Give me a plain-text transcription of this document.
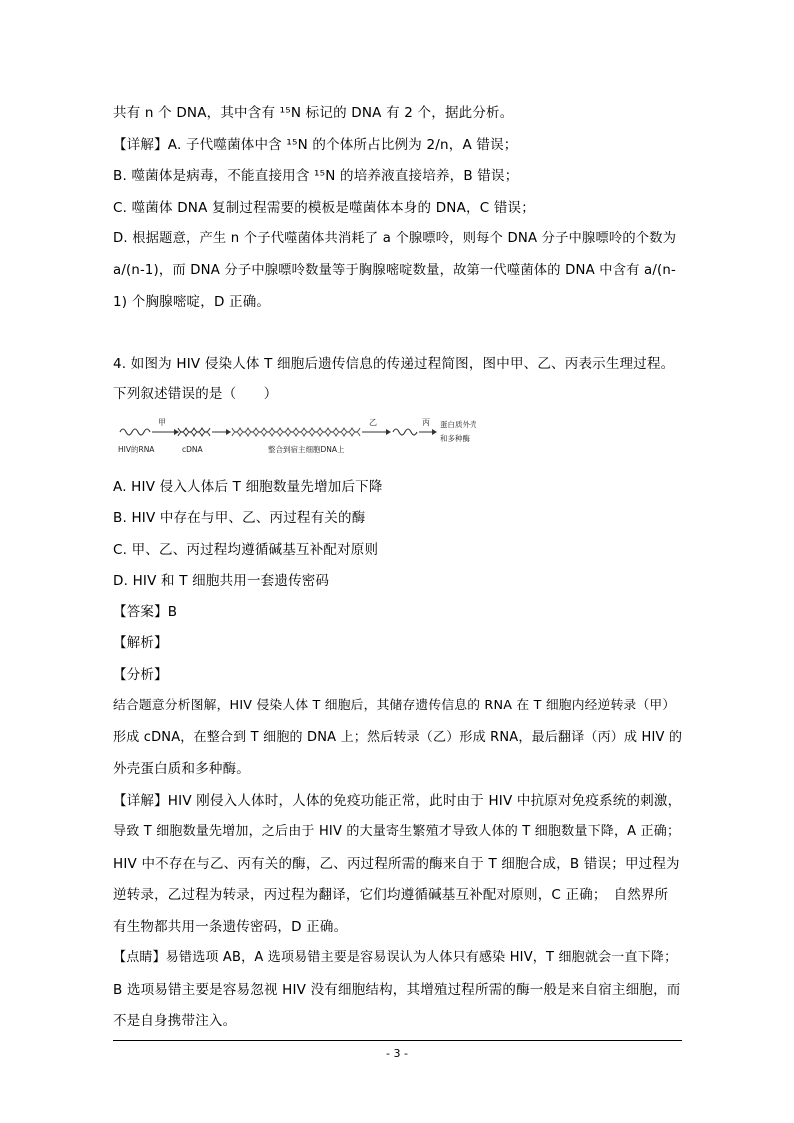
共有 n 个 DNA，其中含有 ¹⁵N 标记的 DNA 有 2 个，据此分析。
【详解】A. 子代噬菌体中含 ¹⁵N 的个体所占比例为 2/n，A 错误；
B. 噬菌体是病毒，不能直接用含 ¹⁵N 的培养液直接培养，B 错误；
C. 噬菌体 DNA 复制过程需要的模板是噬菌体本身的 DNA，C 错误；
D. 根据题意，产生 n 个子代噬菌体共消耗了 a 个腺嘌呤，则每个 DNA 分子中腺嘌呤的个数为
a/(n-1)，而 DNA 分子中腺嘌呤数量等于胸腺嘧啶数量，故第一代噬菌体的 DNA 中含有 a/(n-
1) 个胸腺嘧啶，D 正确。
4. 如图为 HIV 侵染人体 T 细胞后遗传信息的传递过程简图，图中甲、乙、丙表示生理过程。
下列叙述错误的是（　　）
甲	乙	丙 蛋白质外壳
和多种酶
HIV的RNA	cDNA	整合到宿主细胞DNA上
A. HIV 侵入人体后 T 细胞数量先增加后下降
B. HIV 中存在与甲、乙、丙过程有关的酶
C. 甲、乙、丙过程均遵循碱基互补配对原则
D. HIV 和 T 细胞共用一套遗传密码
【答案】B
【解析】
【分析】
结合题意分析图解，HIV 侵染人体 T 细胞后，其储存遗传信息的 RNA 在 T 细胞内经逆转录（甲）
形成 cDNA，在整合到 T 细胞的 DNA 上；然后转录（乙）形成 RNA，最后翻译（丙）成 HIV 的
外壳蛋白质和多种酶。
【详解】HIV 刚侵入人体时，人体的免疫功能正常，此时由于 HIV 中抗原对免疫系统的刺激，
导致 T 细胞数量先增加，之后由于 HIV 的大量寄生繁殖才导致人体的 T 细胞数量下降，A 正确；
HIV 中不存在与乙、丙有关的酶，乙、丙过程所需的酶来自于 T 细胞合成，B 错误；甲过程为
逆转录，乙过程为转录，丙过程为翻译，它们均遵循碱基互补配对原则，C 正确；　自然界所
有生物都共用一条遗传密码，D 正确。
【点睛】易错选项 AB，A 选项易错主要是容易误认为人体只有感染 HIV，T 细胞就会一直下降；
B 选项易错主要是容易忽视 HIV 没有细胞结构，其增殖过程所需的酶一般是来自宿主细胞，而
不是自身携带注入。
- 3 -
